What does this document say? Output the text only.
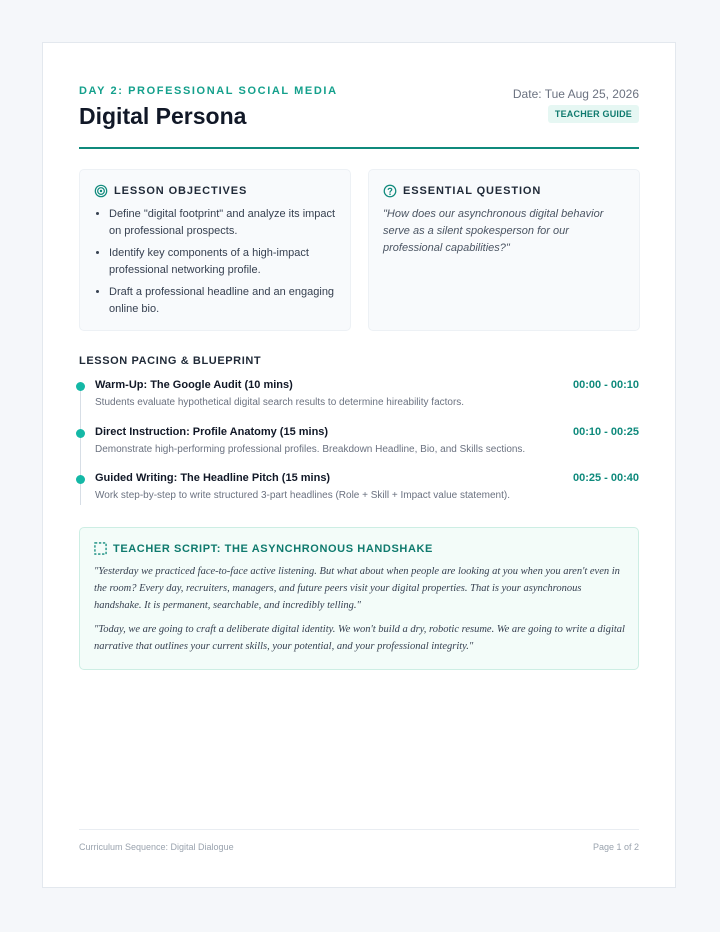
DAY 2: PROFESSIONAL SOCIAL MEDIA
Digital Persona
Date: Tue Aug 25, 2026
TEACHER GUIDE
LESSON OBJECTIVES
• Define "digital footprint" and analyze its impact on professional prospects.
• Identify key components of a high-impact professional networking profile.
• Draft a professional headline and an engaging online bio.
ESSENTIAL QUESTION
"How does our asynchronous digital behavior serve as a silent spokesperson for our professional capabilities?"
LESSON PACING & BLUEPRINT
Warm-Up: The Google Audit (10 mins)	00:00 - 00:10
Students evaluate hypothetical digital search results to determine hireability factors.
Direct Instruction: Profile Anatomy (15 mins)	00:10 - 00:25
Demonstrate high-performing professional profiles. Breakdown Headline, Bio, and Skills sections.
Guided Writing: The Headline Pitch (15 mins)	00:25 - 00:40
Work step-by-step to write structured 3-part headlines (Role + Skill + Impact value statement).
TEACHER SCRIPT: THE ASYNCHRONOUS HANDSHAKE

"Yesterday we practiced face-to-face active listening. But what about when people are looking at you when you aren't even in the room? Every day, recruiters, managers, and future peers visit your digital properties. That is your asynchronous handshake. It is permanent, searchable, and incredibly telling."

"Today, we are going to craft a deliberate digital identity. We won't build a dry, robotic resume. We are going to write a digital narrative that outlines your current skills, your potential, and your professional integrity."

Curriculum Sequence: Digital Dialogue	Page 1 of 2
